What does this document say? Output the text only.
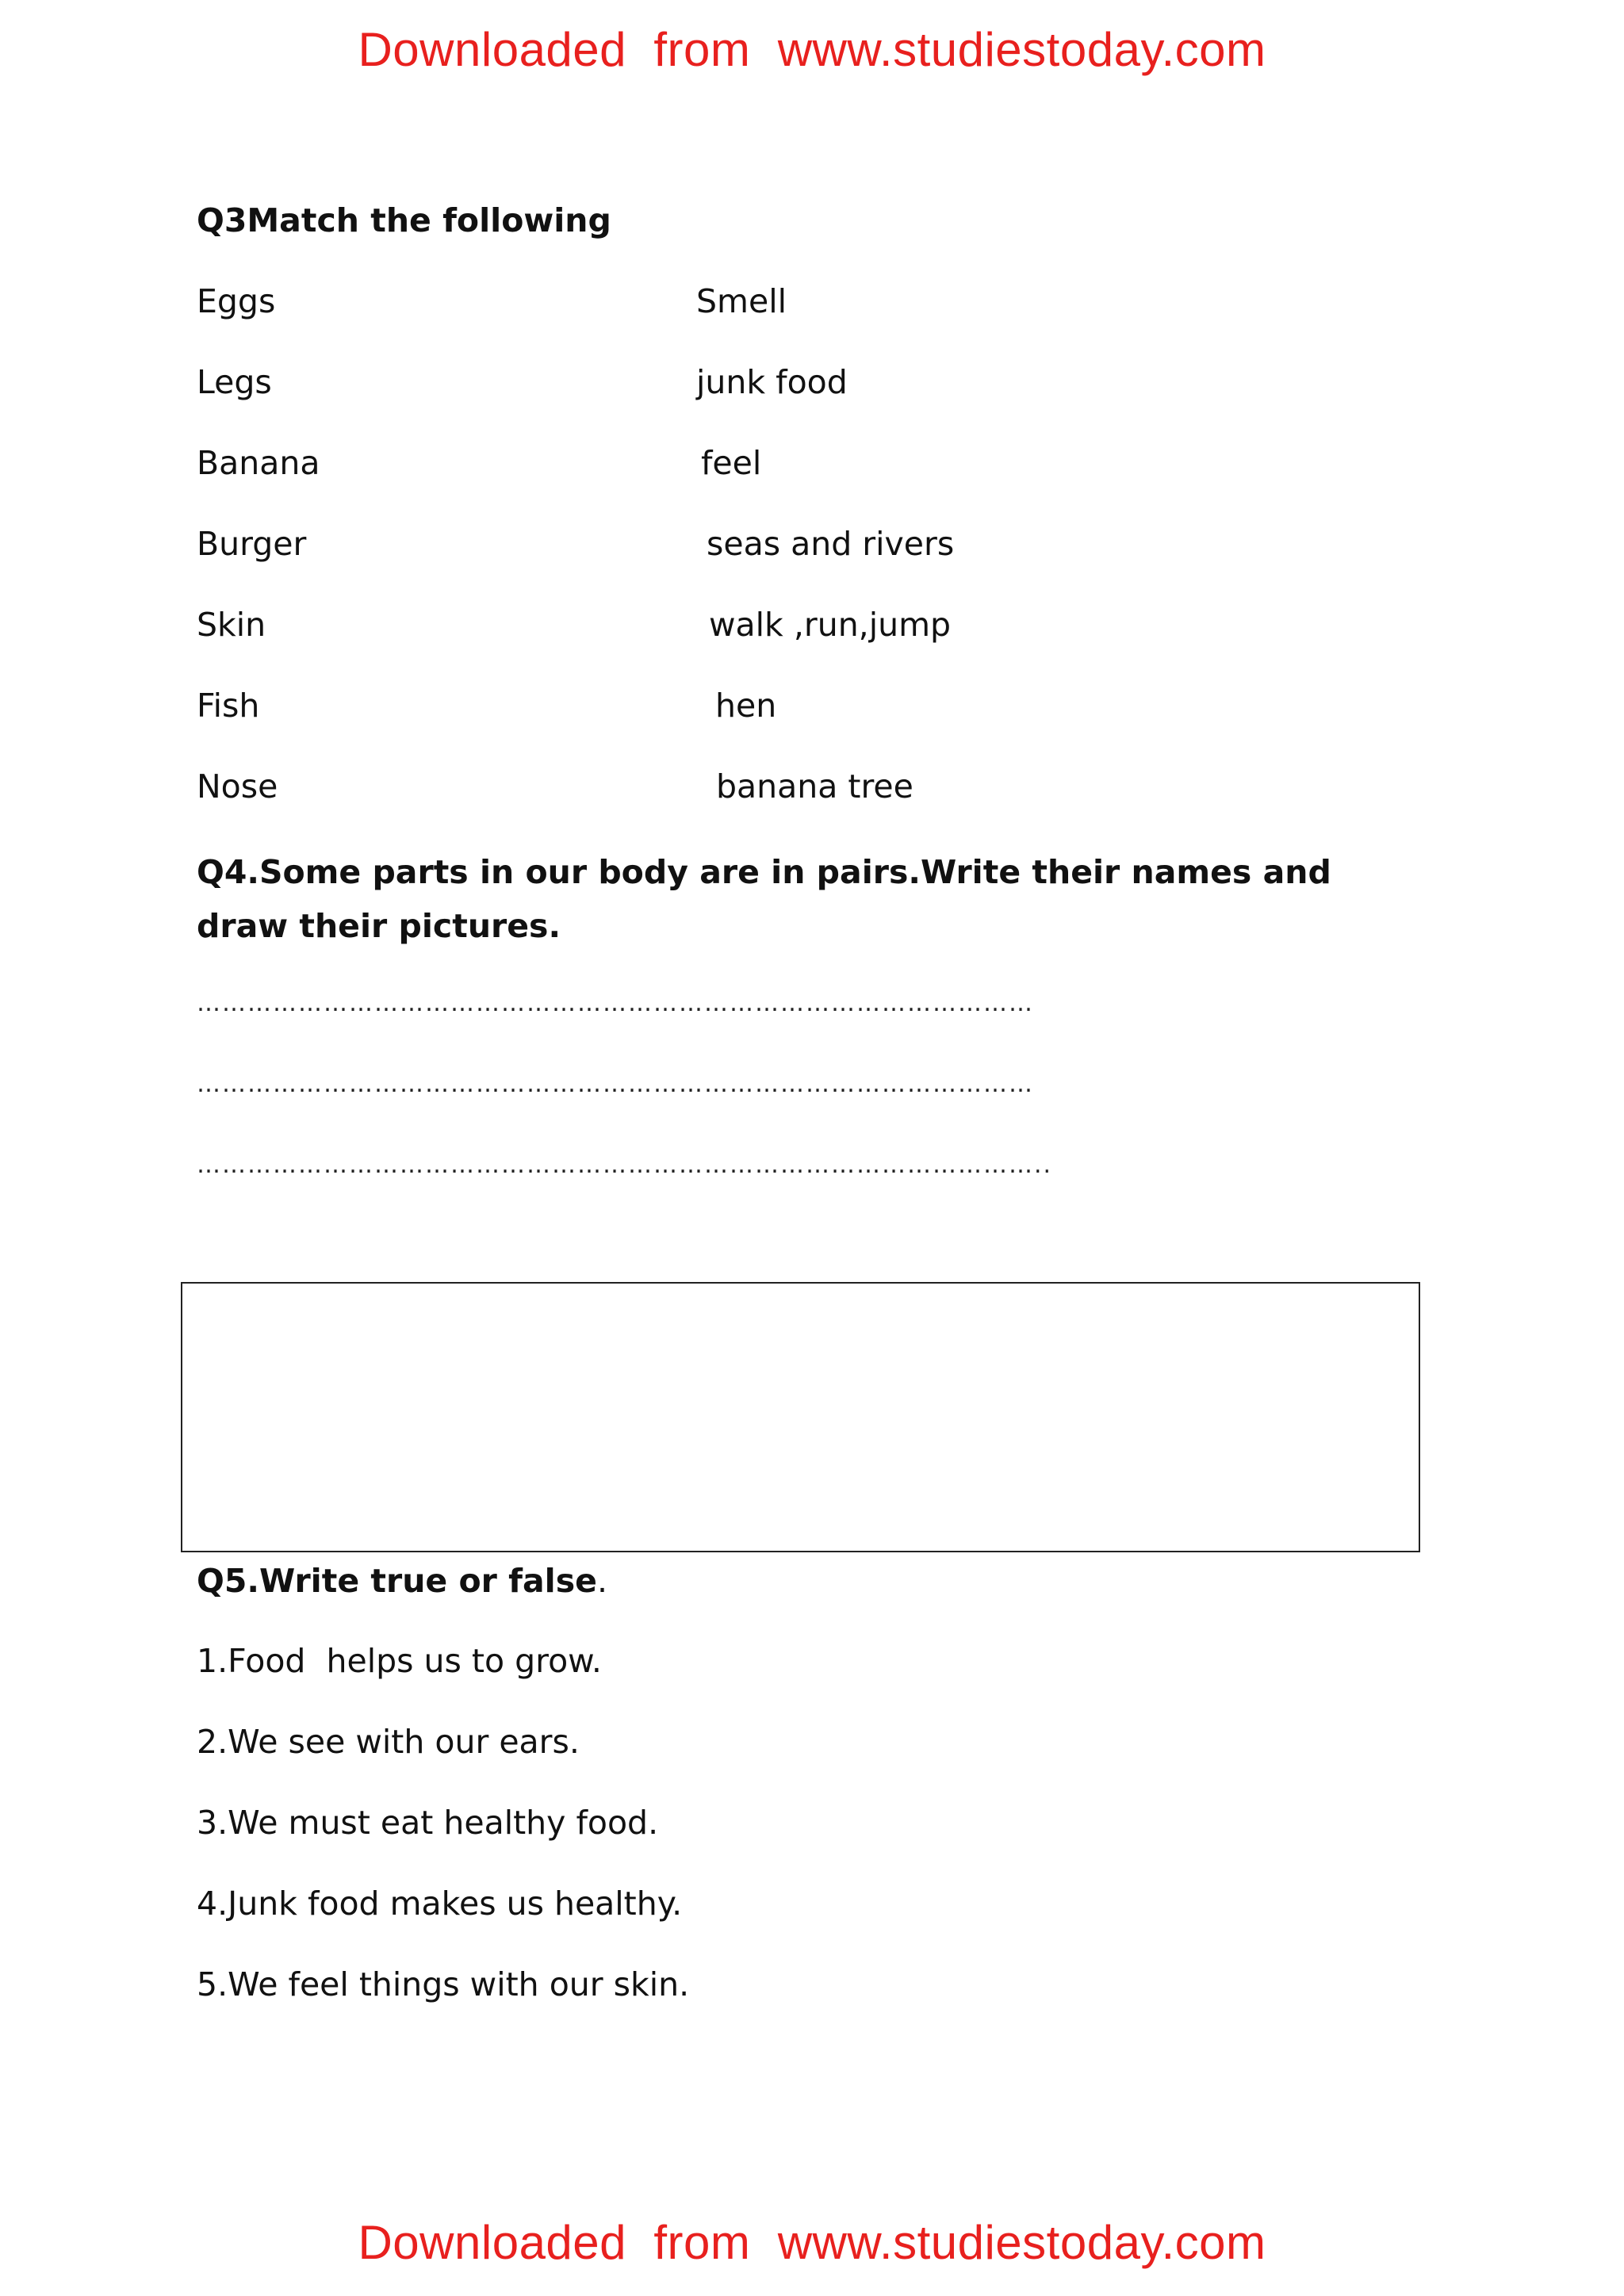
Downloaded  from  www.studiestoday.com
Q3Match the following
Eggs
Legs
Banana
Burger
Skin
Fish
Nose
Smell
junk food
feel
seas and rivers
walk ,run,jump
hen
banana tree
Q4.Some parts in our body are in pairs.Write their names and draw their pictures.
………………………………………………………………………………………
………………………………………………………………………………………
………………………………………………………………………………………..
Q5.Write true or false.
1.Food  helps us to grow.
2.We see with our ears.
3.We must eat healthy food.
4.Junk food makes us healthy.
5.We feel things with our skin.
Downloaded  from  www.studiestoday.com
